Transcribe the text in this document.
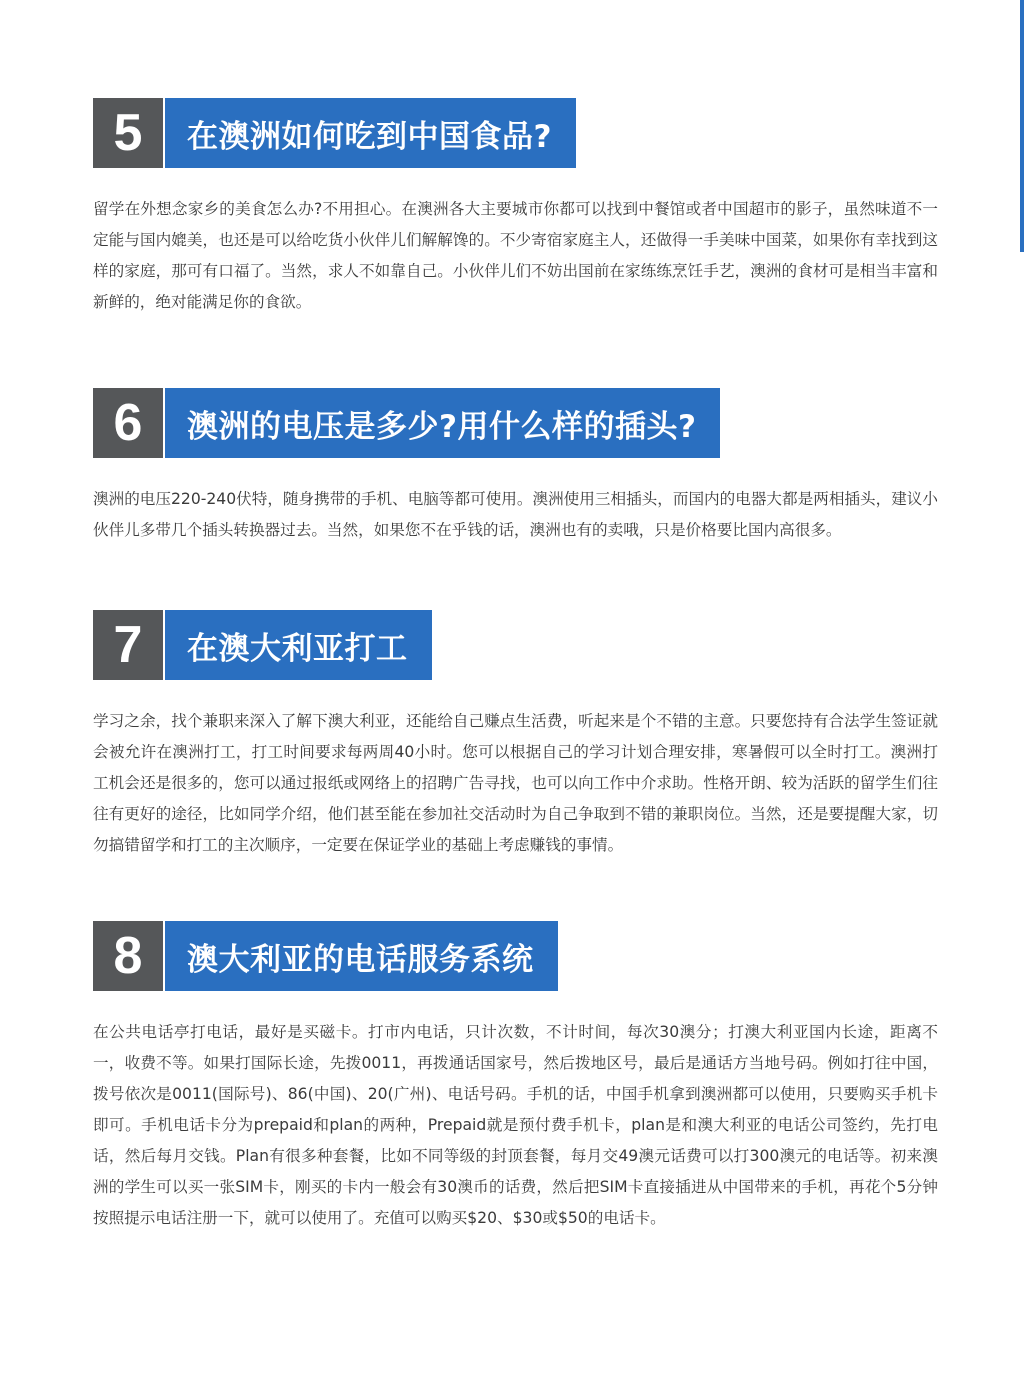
5	在澳洲如何吃到中国食品?

留学在外想念家乡的美食怎么办?不用担心。在澳洲各大主要城市你都可以找到中餐馆或者中国超市的影子，虽然味道不一定能与国内媲美，也还是可以给吃货小伙伴儿们解解馋的。不少寄宿家庭主人，还做得一手美味中国菜，如果你有幸找到这样的家庭，那可有口福了。当然，求人不如靠自己。小伙伴儿们不妨出国前在家练练烹饪手艺，澳洲的食材可是相当丰富和新鲜的，绝对能满足你的食欲。

6	澳洲的电压是多少?用什么样的插头?

澳洲的电压220-240伏特，随身携带的手机、电脑等都可使用。澳洲使用三相插头，而国内的电器大都是两相插头，建议小伙伴儿多带几个插头转换器过去。当然，如果您不在乎钱的话，澳洲也有的卖哦，只是价格要比国内高很多。

7	在澳大利亚打工

学习之余，找个兼职来深入了解下澳大利亚，还能给自己赚点生活费，听起来是个不错的主意。只要您持有合法学生签证就会被允许在澳洲打工，打工时间要求每两周40小时。您可以根据自己的学习计划合理安排，寒暑假可以全时打工。澳洲打工机会还是很多的，您可以通过报纸或网络上的招聘广告寻找，也可以向工作中介求助。性格开朗、较为活跃的留学生们往往有更好的途径，比如同学介绍，他们甚至能在参加社交活动时为自己争取到不错的兼职岗位。当然，还是要提醒大家，切勿搞错留学和打工的主次顺序，一定要在保证学业的基础上考虑赚钱的事情。

8	澳大利亚的电话服务系统

在公共电话亭打电话，最好是买磁卡。打市内电话，只计次数，不计时间，每次30澳分；打澳大利亚国内长途，距离不一，收费不等。如果打国际长途，先拨0011，再拨通话国家号，然后拨地区号，最后是通话方当地号码。例如打往中国，拨号依次是0011(国际号)、86(中国)、20(广州)、电话号码。手机的话，中国手机拿到澳洲都可以使用，只要购买手机卡即可。手机电话卡分为prepaid和plan的两种，Prepaid就是预付费手机卡，plan是和澳大利亚的电话公司签约，先打电话，然后每月交钱。Plan有很多种套餐，比如不同等级的封顶套餐，每月交49澳元话费可以打300澳元的电话等。初来澳洲的学生可以买一张SIM卡，刚买的卡内一般会有30澳币的话费，然后把SIM卡直接插进从中国带来的手机，再花个5分钟按照提示电话注册一下，就可以使用了。充值可以购买$20、$30或$50的电话卡。
